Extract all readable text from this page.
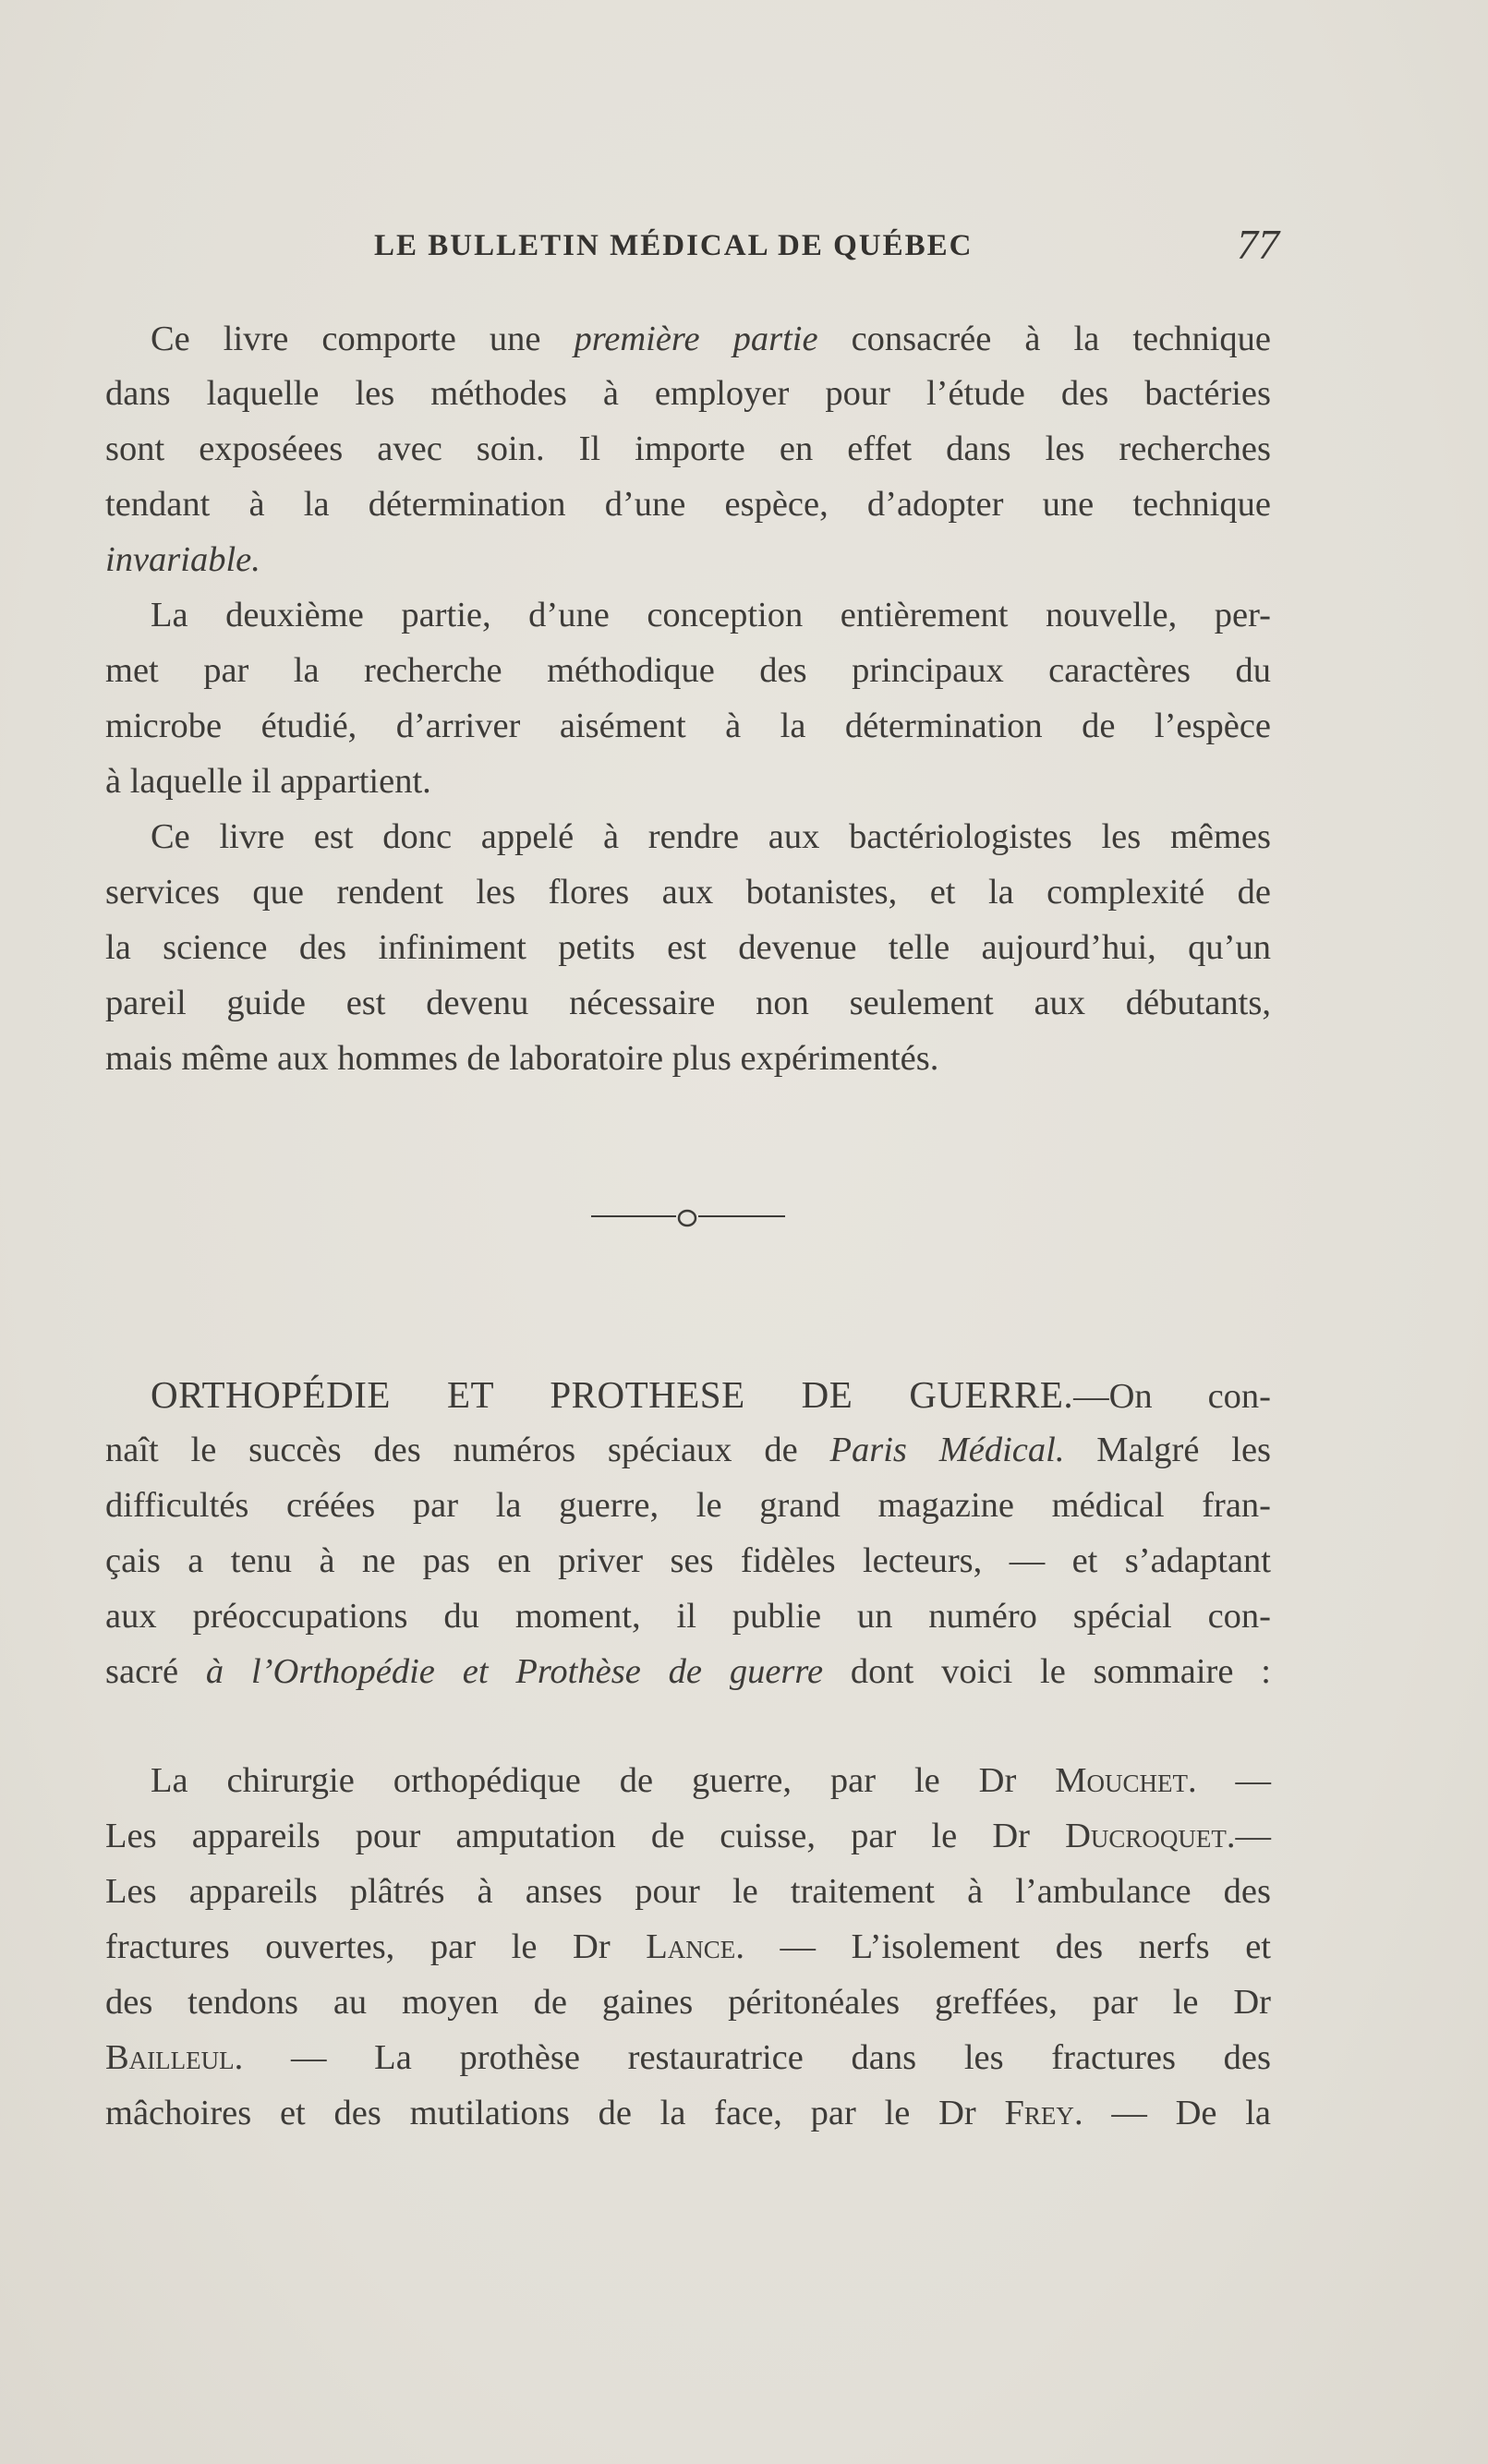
LE BULLETIN MÉDICAL DE QUÉBEC	77
Ce livre comporte une première partie consacrée à la technique
dans laquelle les méthodes à employer pour l’étude des bactéries
sont exposéees avec soin. Il importe en effet dans les recherches
tendant à la détermination d’une espèce, d’adopter une technique
invariable.
La deuxième partie, d’une conception entièrement nouvelle, per-
met par la recherche méthodique des principaux caractères du
microbe étudié, d’arriver aisément à la détermination de l’espèce
à laquelle il appartient.
Ce livre est donc appelé à rendre aux bactériologistes les mêmes
services que rendent les flores aux botanistes, et la complexité de
la science des infiniment petits est devenue telle aujourd’hui, qu’un
pareil guide est devenu nécessaire non seulement aux débutants,
mais même aux hommes de laboratoire plus expérimentés.
ORTHOPÉDIE ET PROTHESE DE GUERRE.—On con-
naît le succès des numéros spéciaux de Paris Médical. Malgré les
difficultés créées par la guerre, le grand magazine médical fran-
çais a tenu à ne pas en priver ses fidèles lecteurs, — et s’adaptant
aux préoccupations du moment, il publie un numéro spécial con-
sacré à l’Orthopédie et Prothèse de guerre dont voici le sommaire :
La chirurgie orthopédique de guerre, par le Dr Mouchet. —
Les appareils pour amputation de cuisse, par le Dr Ducroquet.—
Les appareils plâtrés à anses pour le traitement à l’ambulance des
fractures ouvertes, par le Dr Lance. — L’isolement des nerfs et
des tendons au moyen de gaines péritonéales greffées, par le Dr
Bailleul. — La prothèse restauratrice dans les fractures des
mâchoires et des mutilations de la face, par le Dr Frey. — De la
